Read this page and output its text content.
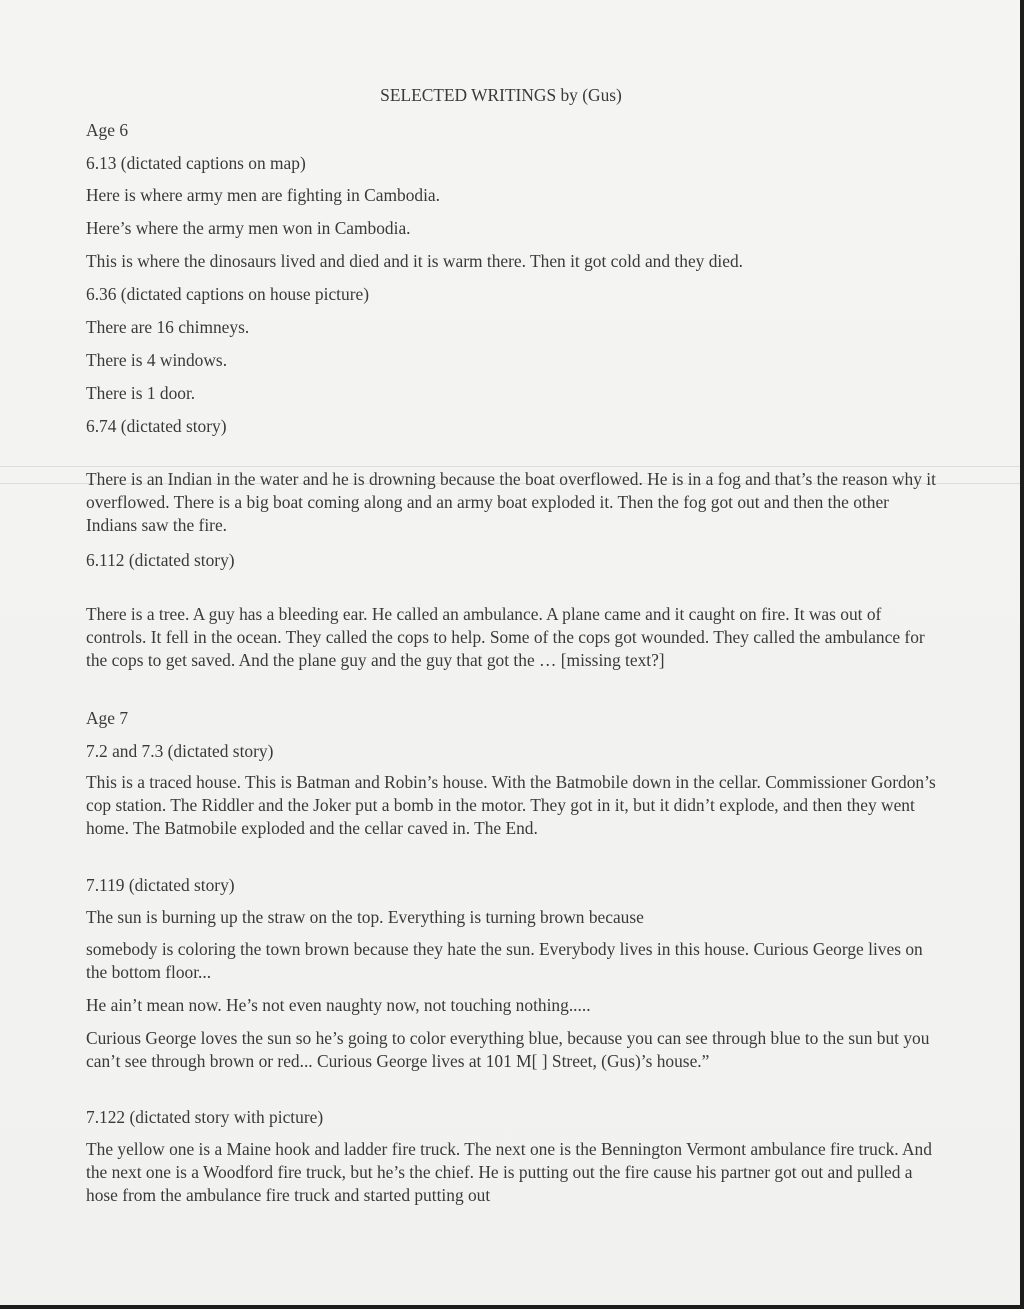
SELECTED WRITINGS by (Gus)

Age 6

6.13 (dictated captions on map)

Here is where army men are fighting in Cambodia.

Here’s where the army men won in Cambodia.

This is where the dinosaurs lived and died and it is warm there. Then it got cold and they died.

6.36 (dictated captions on house picture)

There are 16 chimneys.

There is 4 windows.

There is 1 door.

6.74 (dictated story)

There is an Indian in the water and he is drowning because the boat overflowed. He is in a fog and that’s the reason why it overflowed. There is a big boat coming along and an army boat exploded it. Then the fog got out and then the other Indians saw the fire.

6.112 (dictated story)

There is a tree. A guy has a bleeding ear. He called an ambulance. A plane came and it caught on fire. It was out of controls. It fell in the ocean. They called the cops to help. Some of the cops got wounded. They called the ambulance for the cops to get saved. And the plane guy and the guy that got the … [missing text?]

Age 7

7.2 and 7.3 (dictated story)

This is a traced house. This is Batman and Robin’s house. With the Batmobile down in the cellar. Commissioner Gordon’s cop station. The Riddler and the Joker put a bomb in the motor. They got in it, but it didn’t explode, and then they went home. The Batmobile exploded and the cellar caved in. The End.

7.119 (dictated story)

The sun is burning up the straw on the top. Everything is turning brown because

somebody is coloring the town brown because they hate the sun. Everybody lives in this house. Curious George lives on the bottom floor...

He ain’t mean now. He’s not even naughty now, not touching nothing.....

Curious George loves the sun so he’s going to color everything blue, because you can see through blue to the sun but you can’t see through brown or red... Curious George lives at 101 M[ ] Street, (Gus)’s house.”

7.122 (dictated story with picture)

The yellow one is a Maine hook and ladder fire truck. The next one is the Bennington Vermont ambulance fire truck. And the next one is a Woodford fire truck, but he’s the chief. He is putting out the fire cause his partner got out and pulled a hose from the ambulance fire truck and started putting out
